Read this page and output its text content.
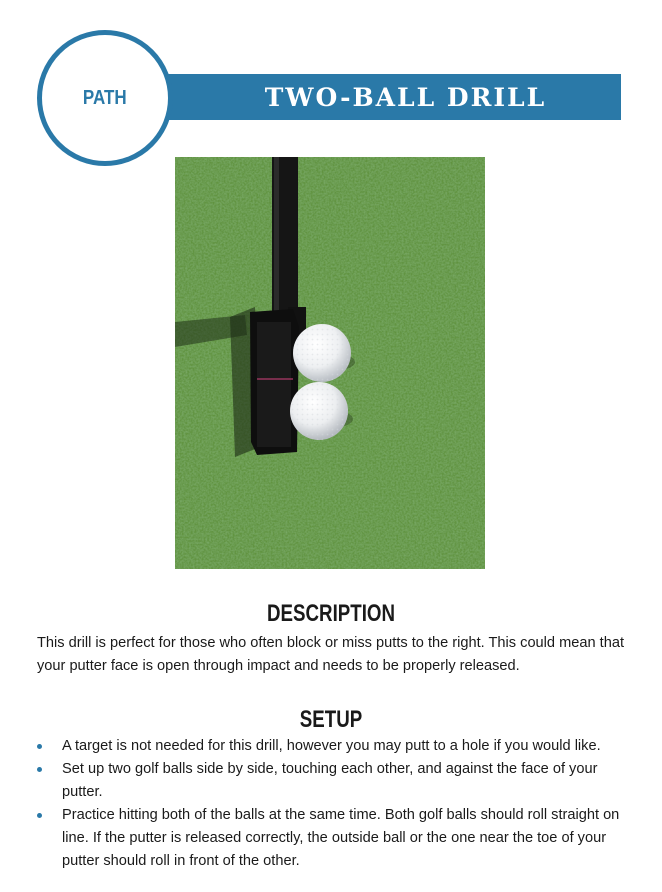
TWO-BALL DRILL
PATH
DESCRIPTION
This drill is perfect for those who often block or miss putts to the right. This could mean that your putter face is open through impact and needs to be properly released.
SETUP
A target is not needed for this drill, however you may putt to a hole if you would like.
Set up two golf balls side by side, touching each other, and against the face of your putter.
Practice hitting both of the balls at the same time. Both golf balls should roll straight on line. If the putter is released correctly, the outside ball or the one near the toe of your putter should roll in front of the other.
